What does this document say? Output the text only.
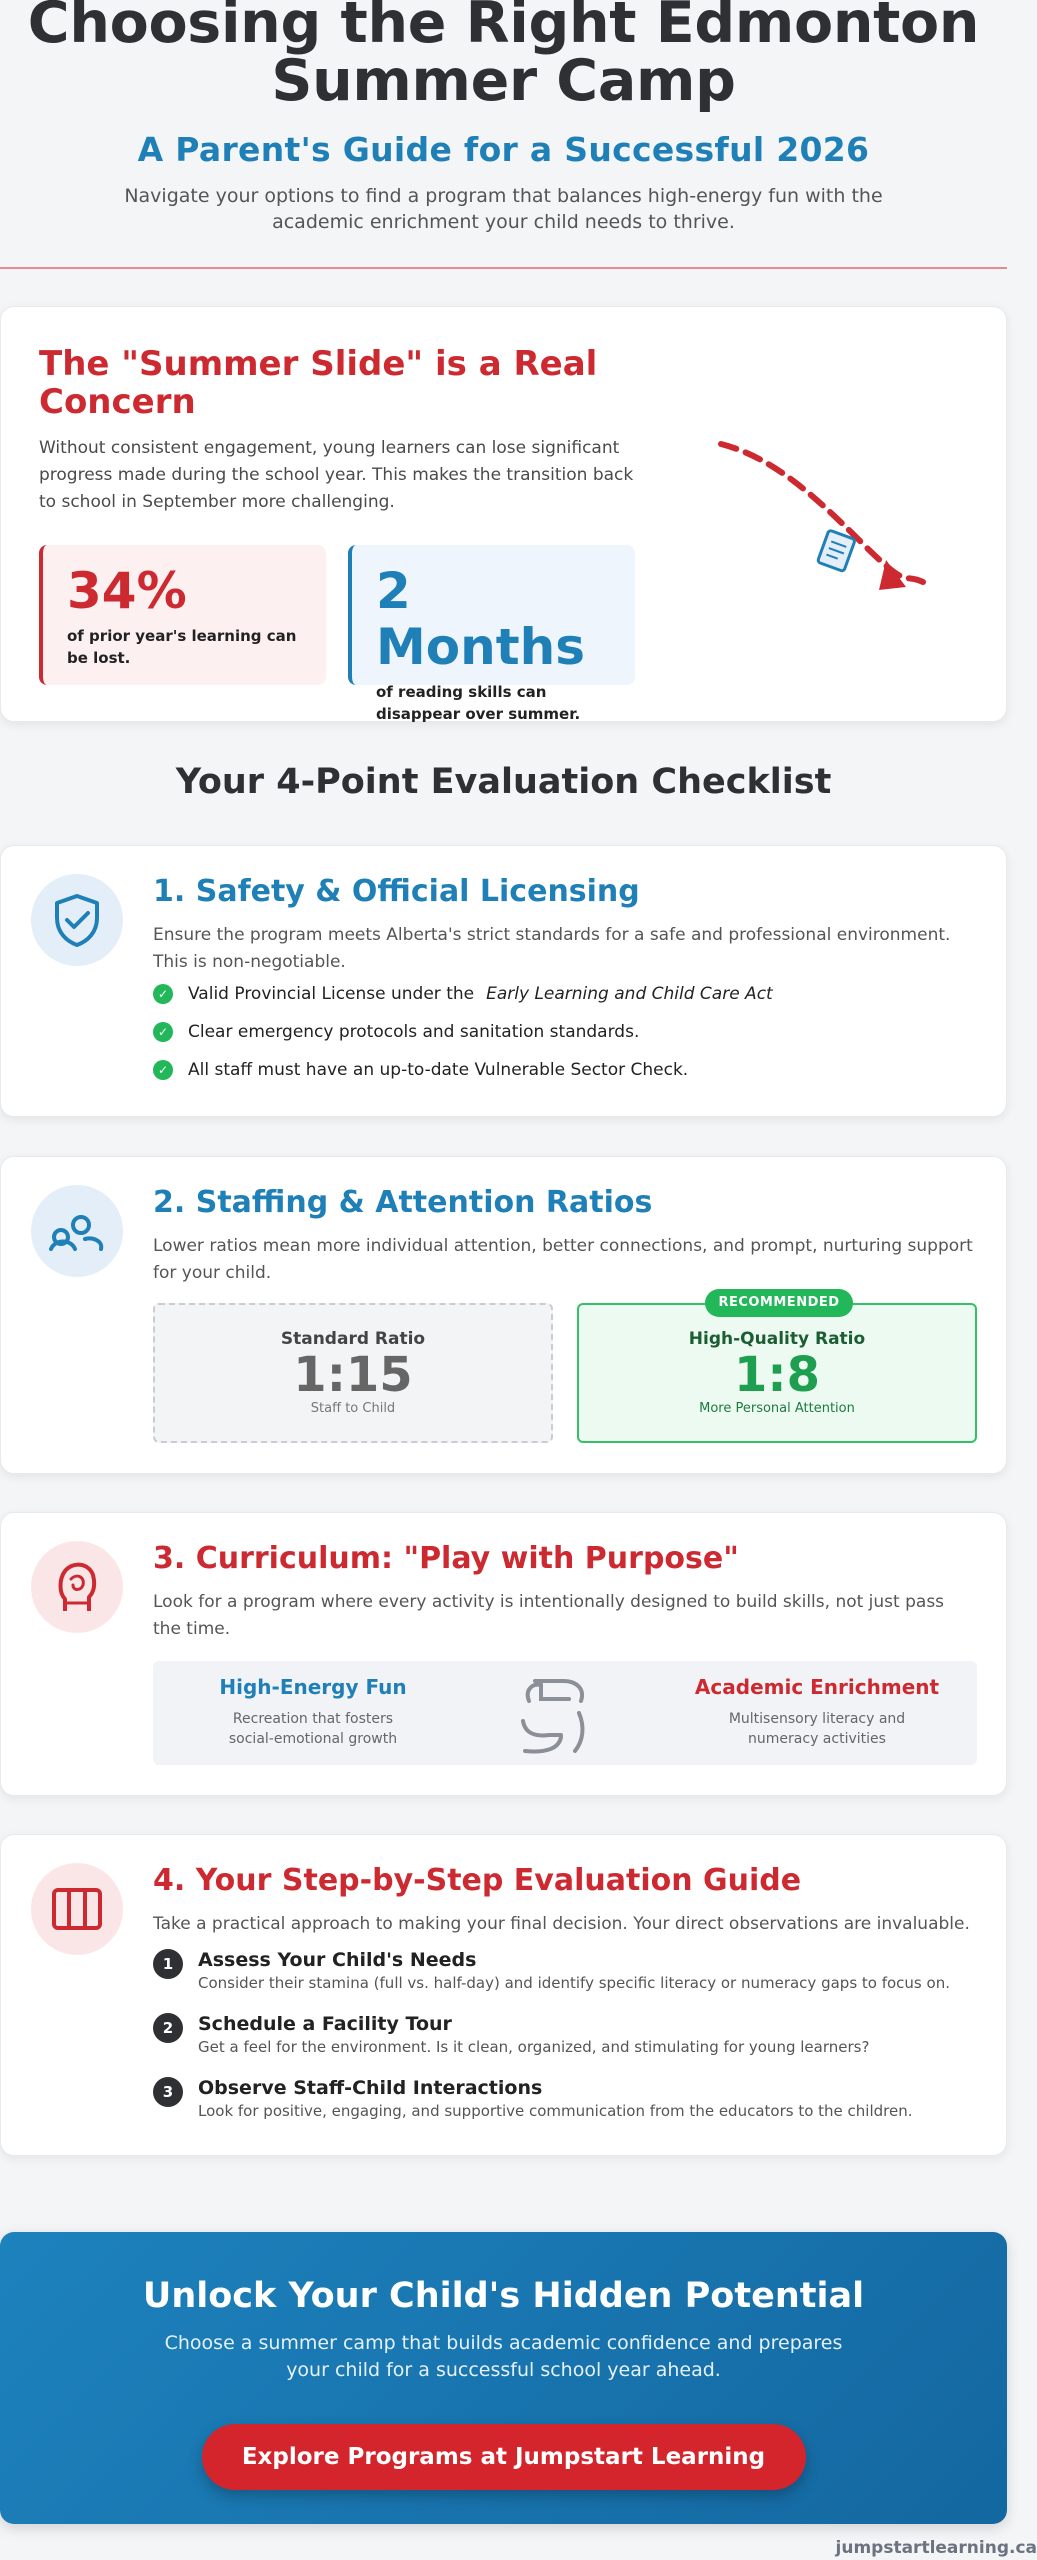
Choosing the Right Edmonton
Summer Camp
A Parent's Guide for a Successful 2026

Navigate your options to find a program that balances high-energy fun with the academic enrichment your child needs to thrive.

The "Summer Slide" is a Real Concern

Without consistent engagement, young learners can lose significant progress made during the school year. This makes the transition back to school in September more challenging.

34%
of prior year's learning can be lost.
2 Months
of reading skills can disappear over summer.
Your 4-Point Evaluation Checklist
1. Safety & Official Licensing

Ensure the program meets Alberta's strict standards for a safe and professional environment. This is non-negotiable.

✓ Valid Provincial License under the Early Learning and Child Care Act
✓ Clear emergency protocols and sanitation standards.
✓ All staff must have an up-to-date Vulnerable Sector Check.
2. Staffing & Attention Ratios

Lower ratios mean more individual attention, better connections, and prompt, nurturing support for your child.

Standard Ratio
1:15
Staff to Child
RECOMMENDED
High-Quality Ratio
1:8
More Personal Attention
3. Curriculum: "Play with Purpose"

Look for a program where every activity is intentionally designed to build skills, not just pass the time.

High-Energy Fun
Recreation that fosters social-emotional growth
Academic Enrichment
Multisensory literacy and numeracy activities
4. Your Step-by-Step Evaluation Guide

Take a practical approach to making your final decision. Your direct observations are invaluable.

1	Assess Your Child's Needs
Consider their stamina (full vs. half-day) and identify specific literacy or numeracy gaps to focus on.
2	Schedule a Facility Tour
Get a feel for the environment. Is it clean, organized, and stimulating for young learners?
3	Observe Staff-Child Interactions
Look for positive, engaging, and supportive communication from the educators to the children.
Unlock Your Child's Hidden Potential

Choose a summer camp that builds academic confidence and prepares your child for a successful school year ahead.

Explore Programs at Jumpstart Learning
jumpstartlearning.ca
